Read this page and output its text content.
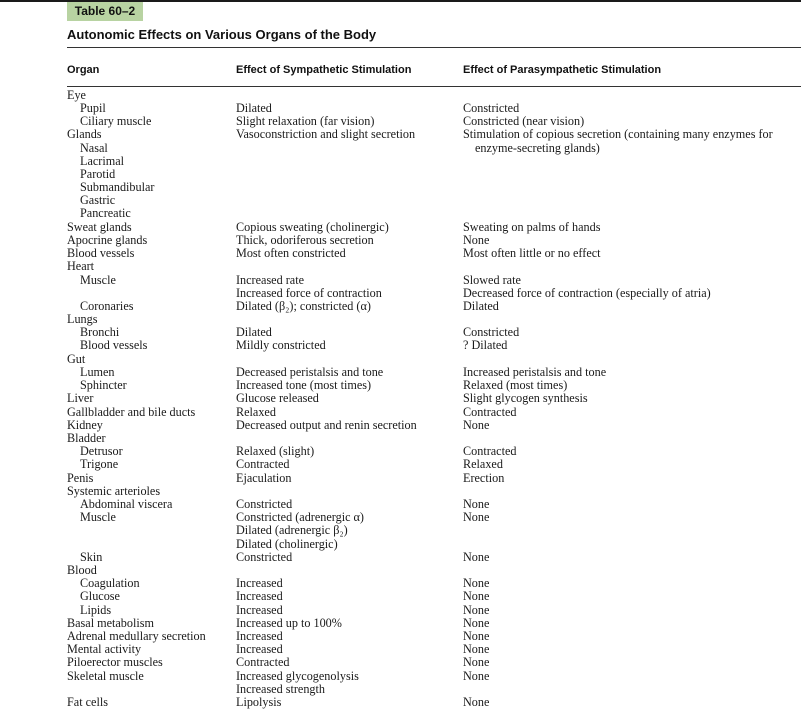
Table 60–2
Autonomic Effects on Various Organs of the Body
Organ	Effect of Sympathetic Stimulation	Effect of Parasympathetic Stimulation
Eye
Pupil
Ciliary muscle
Glands
Nasal
Lacrimal
Parotid
Submandibular
Gastric
Pancreatic
Sweat glands
Apocrine glands
Blood vessels
Heart
Muscle
Coronaries
Lungs
Bronchi
Blood vessels
Gut
Lumen
Sphincter
Liver
Gallbladder and bile ducts
Kidney
Bladder
Detrusor
Trigone
Penis
Systemic arterioles
Abdominal viscera
Muscle
Skin
Blood
Coagulation
Glucose
Lipids
Basal metabolism
Adrenal medullary secretion
Mental activity
Piloerector muscles
Skeletal muscle
Fat cells
Dilated
Slight relaxation (far vision)
Vasoconstriction and slight secretion
Copious sweating (cholinergic)
Thick, odoriferous secretion
Most often constricted
Increased rate
Increased force of contraction
Dilated (β₂); constricted (α)
Dilated
Mildly constricted
Decreased peristalsis and tone
Increased tone (most times)
Glucose released
Relaxed
Decreased output and renin secretion
Relaxed (slight)
Contracted
Ejaculation
Constricted
Constricted (adrenergic α)
Dilated (adrenergic β₂)
Dilated (cholinergic)
Constricted
Increased
Increased
Increased
Increased up to 100%
Increased
Increased
Contracted
Increased glycogenolysis
Increased strength
Lipolysis
Constricted
Constricted (near vision)
Stimulation of copious secretion (containing many enzymes for
enzyme-secreting glands)
Sweating on palms of hands
None
Most often little or no effect
Slowed rate
Decreased force of contraction (especially of atria)
Dilated
Constricted
? Dilated
Increased peristalsis and tone
Relaxed (most times)
Slight glycogen synthesis
Contracted
None
Contracted
Relaxed
Erection
None
None
None
None
None
None
None
None
None
None
None
None
